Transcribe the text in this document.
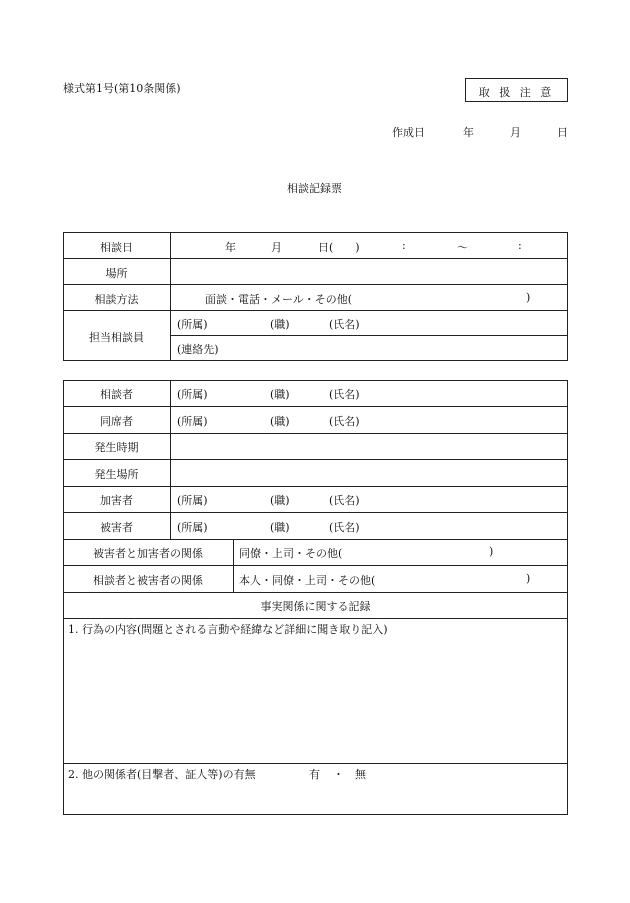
様式第1号(第10条関係)	取 扱 注 意
作成日	年	月	日
相談記録票
相談日	年	月	日(　　)	:	〜	:
場所
相談方法	面談・電話・メール・その他(	)
担当相談員
(所属)	(職)	(氏名)
(連絡先)
相談者	(所属)	(職)	(氏名)
同席者	(所属)	(職)	(氏名)
発生時期
発生場所
加害者	(所属)	(職)	(氏名)
被害者	(所属)	(職)	(氏名)
被害者と加害者の関係	同僚・上司・その他(	)
相談者と被害者の関係	本人・同僚・上司・その他(	)
事実関係に関する記録
1. 行為の内容(問題とされる言動や経緯など詳細に聞き取り記入)
2. 他の関係者(目撃者、証人等)の有無	有 ・ 無
